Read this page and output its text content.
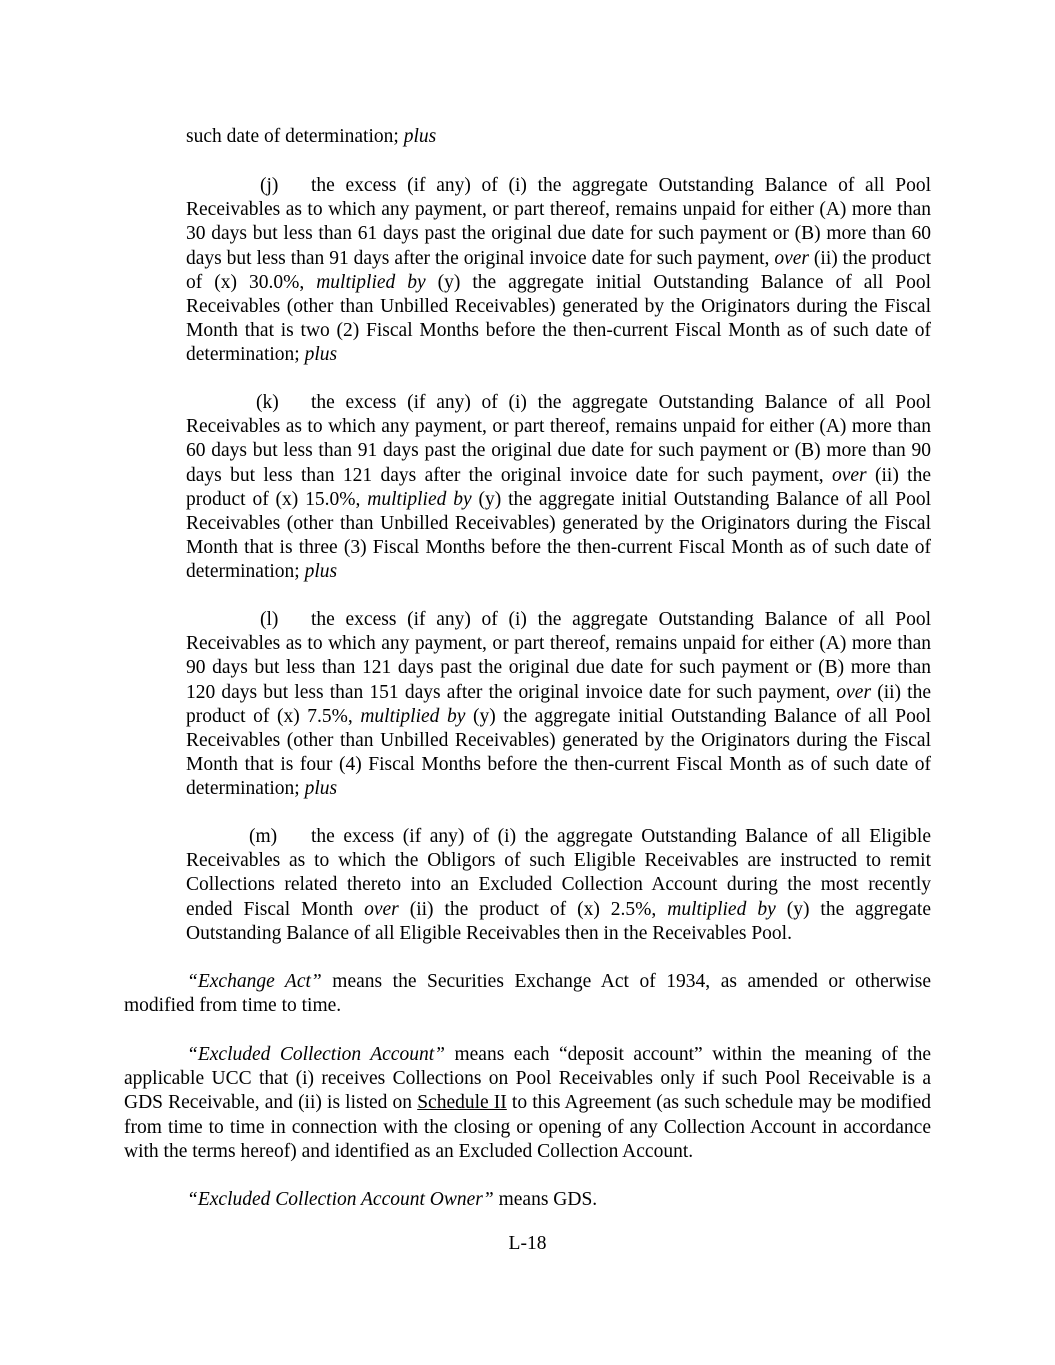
such date of determination; plus
(j) the excess (if any) of (i) the aggregate Outstanding Balance of all Pool Receivables as to which any payment, or part thereof, remains unpaid for either (A) more than 30 days but less than 61 days past the original due date for such payment or (B) more than 60 days but less than 91 days after the original invoice date for such payment, over (ii) the product of (x) 30.0%, multiplied by (y) the aggregate initial Outstanding Balance of all Pool Receivables (other than Unbilled Receivables) generated by the Originators during the Fiscal Month that is two (2) Fiscal Months before the then-current Fiscal Month as of such date of determination; plus
(k) the excess (if any) of (i) the aggregate Outstanding Balance of all Pool Receivables as to which any payment, or part thereof, remains unpaid for either (A) more than 60 days but less than 91 days past the original due date for such payment or (B) more than 90 days but less than 121 days after the original invoice date for such payment, over (ii) the product of (x) 15.0%, multiplied by (y) the aggregate initial Outstanding Balance of all Pool Receivables (other than Unbilled Receivables) generated by the Originators during the Fiscal Month that is three (3) Fiscal Months before the then-current Fiscal Month as of such date of determination; plus
(l) the excess (if any) of (i) the aggregate Outstanding Balance of all Pool Receivables as to which any payment, or part thereof, remains unpaid for either (A) more than 90 days but less than 121 days past the original due date for such payment or (B) more than 120 days but less than 151 days after the original invoice date for such payment, over (ii) the product of (x) 7.5%, multiplied by (y) the aggregate initial Outstanding Balance of all Pool Receivables (other than Unbilled Receivables) generated by the Originators during the Fiscal Month that is four (4) Fiscal Months before the then-current Fiscal Month as of such date of determination; plus
(m) the excess (if any) of (i) the aggregate Outstanding Balance of all Eligible Receivables as to which the Obligors of such Eligible Receivables are instructed to remit Collections related thereto into an Excluded Collection Account during the most recently ended Fiscal Month over (ii) the product of (x) 2.5%, multiplied by (y) the aggregate Outstanding Balance of all Eligible Receivables then in the Receivables Pool.
“Exchange Act” means the Securities Exchange Act of 1934, as amended or otherwise modified from time to time.
“Excluded Collection Account” means each “deposit account” within the meaning of the applicable UCC that (i) receives Collections on Pool Receivables only if such Pool Receivable is a GDS Receivable, and (ii) is listed on Schedule II to this Agreement (as such schedule may be modified from time to time in connection with the closing or opening of any Collection Account in accordance with the terms hereof) and identified as an Excluded Collection Account.
“Excluded Collection Account Owner” means GDS.
L-18
